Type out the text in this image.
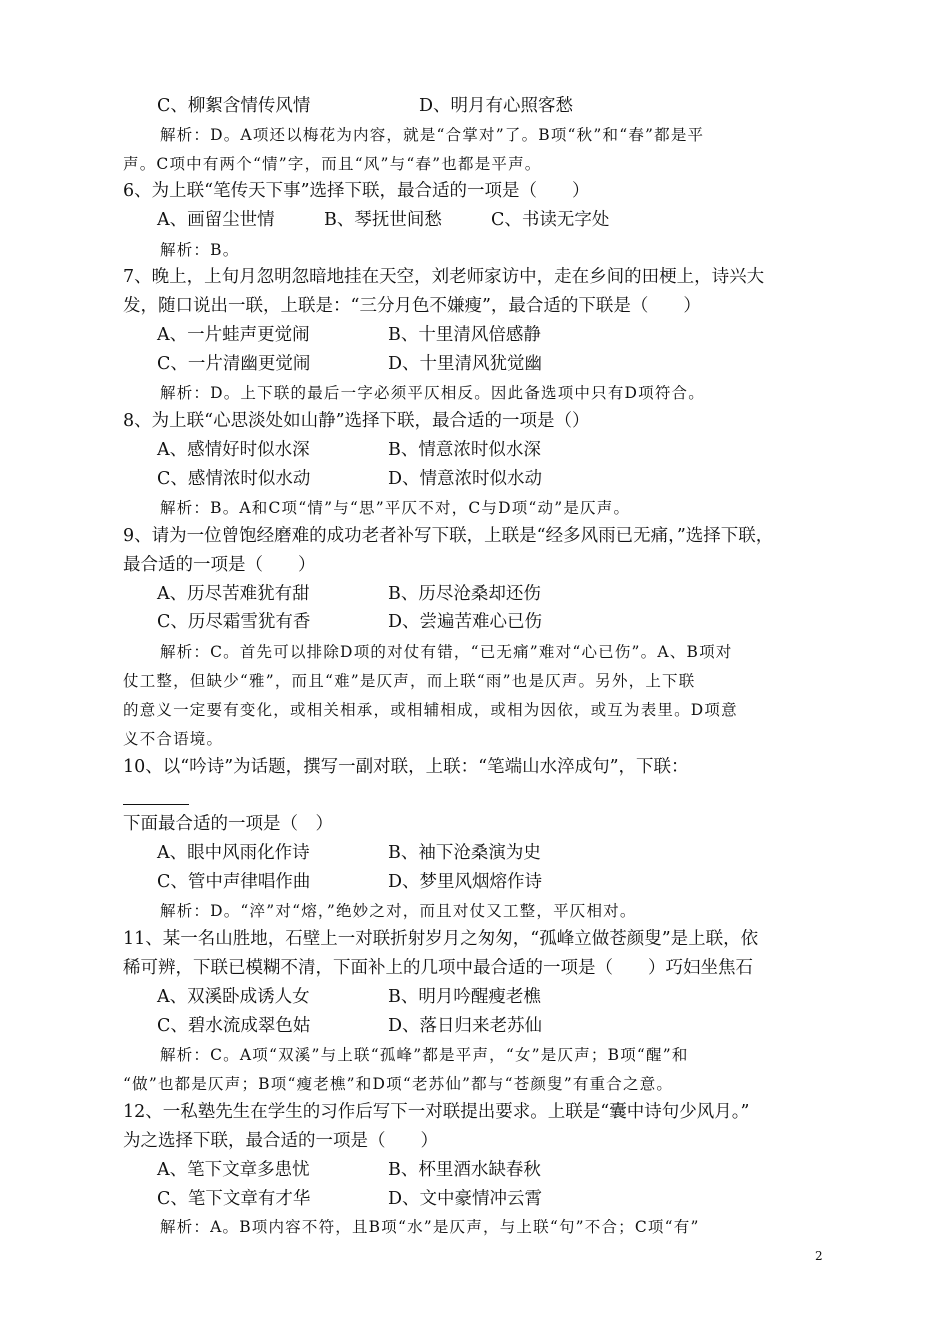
C、柳絮含情传风情	D、明月有心照客愁
解析：D。A项还以梅花为内容，就是“合掌对”了。B项“秋”和“春”都是平
声。C项中有两个“情”字，而且“风”与“春”也都是平声。
6、为上联“笔传天下事”选择下联，最合适的一项是（　　）
A、画留尘世情	B、琴抚世间愁	C、书读无字处
解析：B。
7、晚上，上旬月忽明忽暗地挂在天空，刘老师家访中，走在乡间的田梗上，诗兴大
发，随口说出一联，上联是：“三分月色不嫌瘦”，最合适的下联是（　　）
A、一片蛙声更觉闹	B、十里清风倍感静
C、一片清幽更觉闹	D、十里清风犹觉幽
解析：D。上下联的最后一字必须平仄相反。因此备选项中只有D项符合。
8、为上联“心思淡处如山静”选择下联，最合适的一项是（）
A、感情好时似水深	B、情意浓时似水深
C、感情浓时似水动	D、情意浓时似水动
解析：B。A和C项“情”与“思”平仄不对，C与D项“动”是仄声。
9、请为一位曾饱经磨难的成功老者补写下联，上联是“经多风雨已无痛，”选择下联，
最合适的一项是（　　）
A、历尽苦难犹有甜	B、历尽沧桑却还伤
C、历尽霜雪犹有香	D、尝遍苦难心已伤
解析：C。首先可以排除D项的对仗有错，“已无痛”难对“心已伤”。A、B项对
仗工整，但缺少“雅”，而且“难”是仄声，而上联“雨”也是仄声。另外，上下联
的意义一定要有变化，或相关相承，或相辅相成，或相为因依，或互为表里。D项意
义不合语境。
10、以“吟诗”为话题，撰写一副对联，上联：“笔端山水淬成句”，下联：
下面最合适的一项是（　）
A、眼中风雨化作诗	B、袖下沧桑演为史
C、管中声律唱作曲	D、梦里风烟熔作诗
解析：D。“淬”对“熔，”绝妙之对，而且对仗又工整，平仄相对。
11、某一名山胜地，石壁上一对联折射岁月之匆匆，“孤峰立做苍颜叟”是上联，依
稀可辨，下联已模糊不清，下面补上的几项中最合适的一项是（　　）巧妇坐焦石
A、双溪卧成诱人女	B、明月吟醒瘦老樵
C、碧水流成翠色姑	D、落日归来老苏仙
解析：C。A项“双溪”与上联“孤峰”都是平声，“女”是仄声；B项“醒”和
“做”也都是仄声；B项“瘦老樵”和D项“老苏仙”都与“苍颜叟”有重合之意。
12、一私塾先生在学生的习作后写下一对联提出要求。上联是“囊中诗句少风月。”
为之选择下联，最合适的一项是（　　）
A、笔下文章多患忧	B、杯里酒水缺春秋
C、笔下文章有才华	D、文中豪情冲云霄
解析：A。B项内容不符，且B项“水”是仄声，与上联“句”不合；C项“有”
2
